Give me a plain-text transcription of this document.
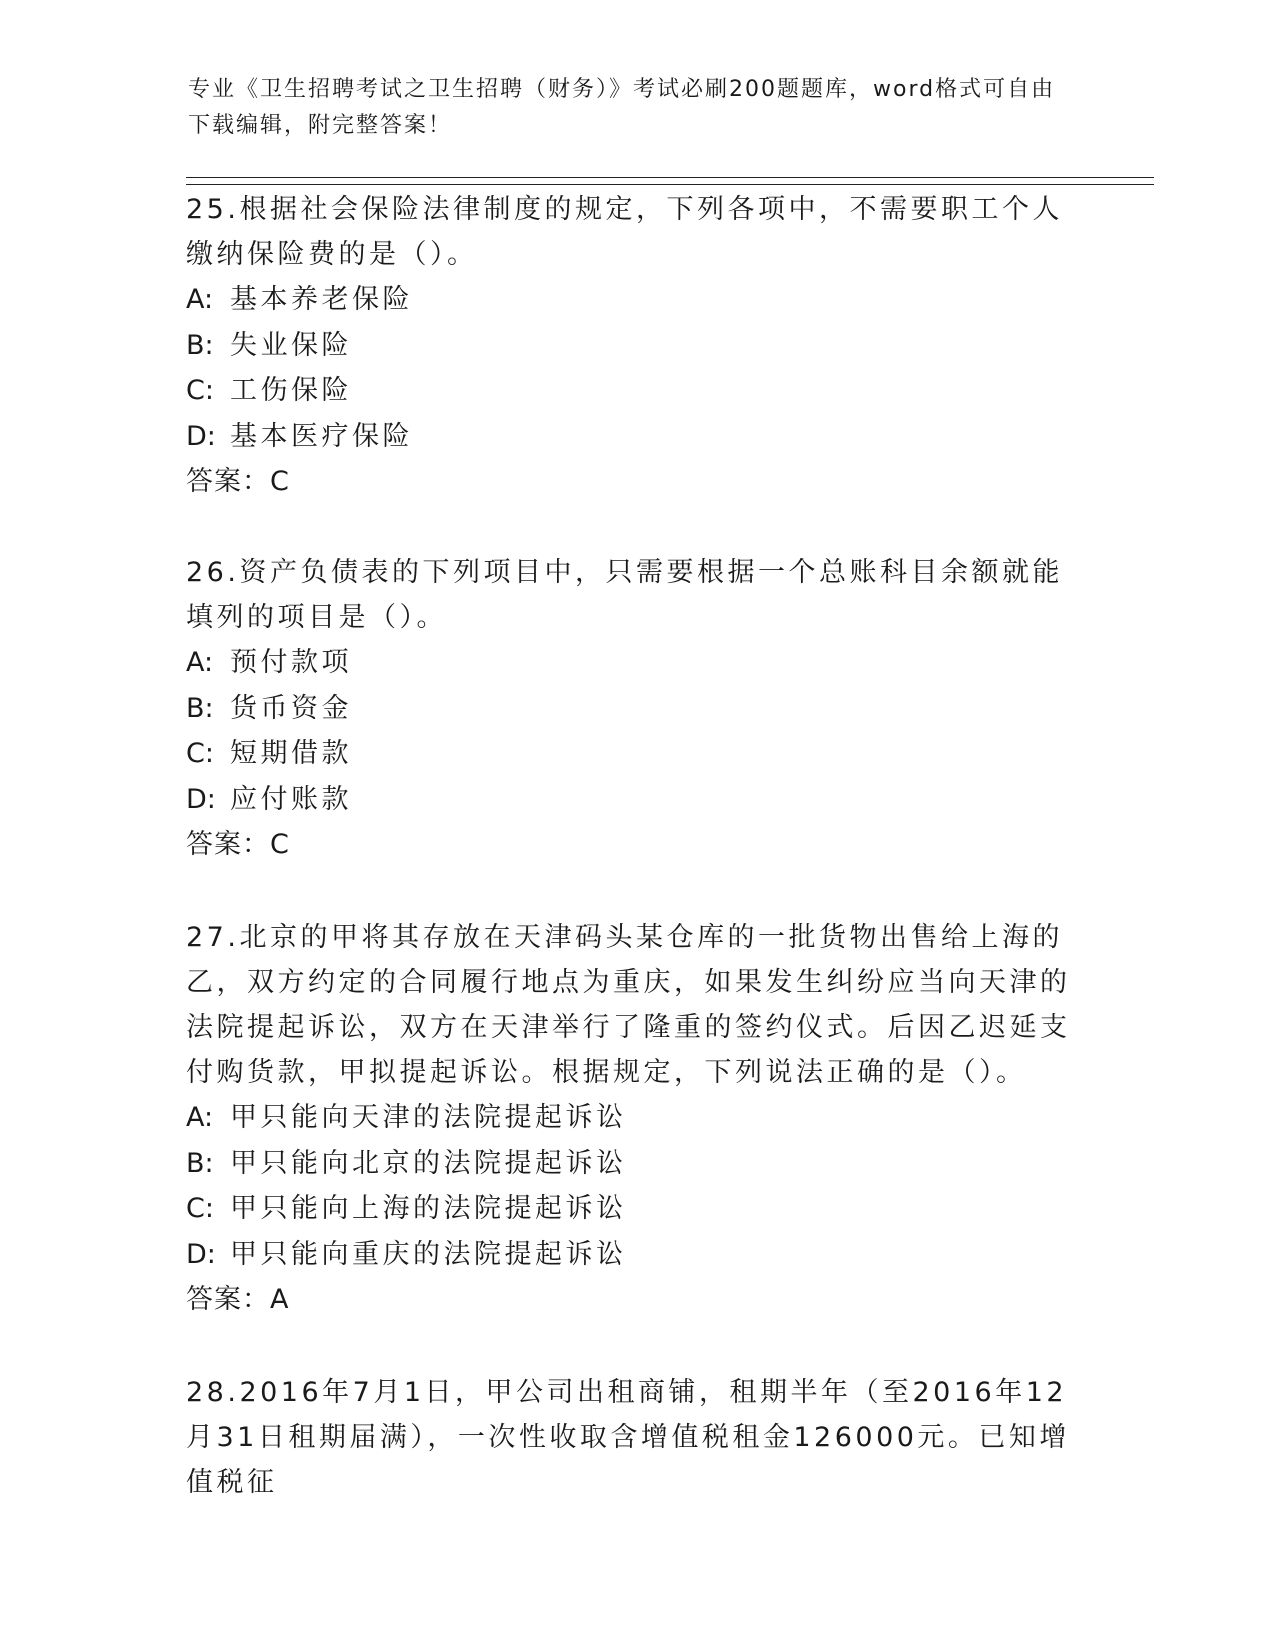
专业《卫生招聘考试之卫生招聘（财务）》考试必刷200题题库，word格式可自由下载编辑，附完整答案！

25.根据社会保险法律制度的规定，下列各项中，不需要职工个人缴纳保险费的是（）。

A: 基本养老保险

B: 失业保险

C: 工伤保险

D: 基本医疗保险

答案：C

26.资产负债表的下列项目中，只需要根据一个总账科目余额就能填列的项目是（）。

A: 预付款项

B: 货币资金

C: 短期借款

D: 应付账款

答案：C

27.北京的甲将其存放在天津码头某仓库的一批货物出售给上海的乙，双方约定的合同履行地点为重庆，如果发生纠纷应当向天津的法院提起诉讼，双方在天津举行了隆重的签约仪式。后因乙迟延支付购货款，甲拟提起诉讼。根据规定，下列说法正确的是（）。

A: 甲只能向天津的法院提起诉讼

B: 甲只能向北京的法院提起诉讼

C: 甲只能向上海的法院提起诉讼

D: 甲只能向重庆的法院提起诉讼

答案：A

28.2016年7月1日，甲公司出租商铺，租期半年（至2016年12月31日租期届满），一次性收取含增值税租金126000元。已知增值税征
